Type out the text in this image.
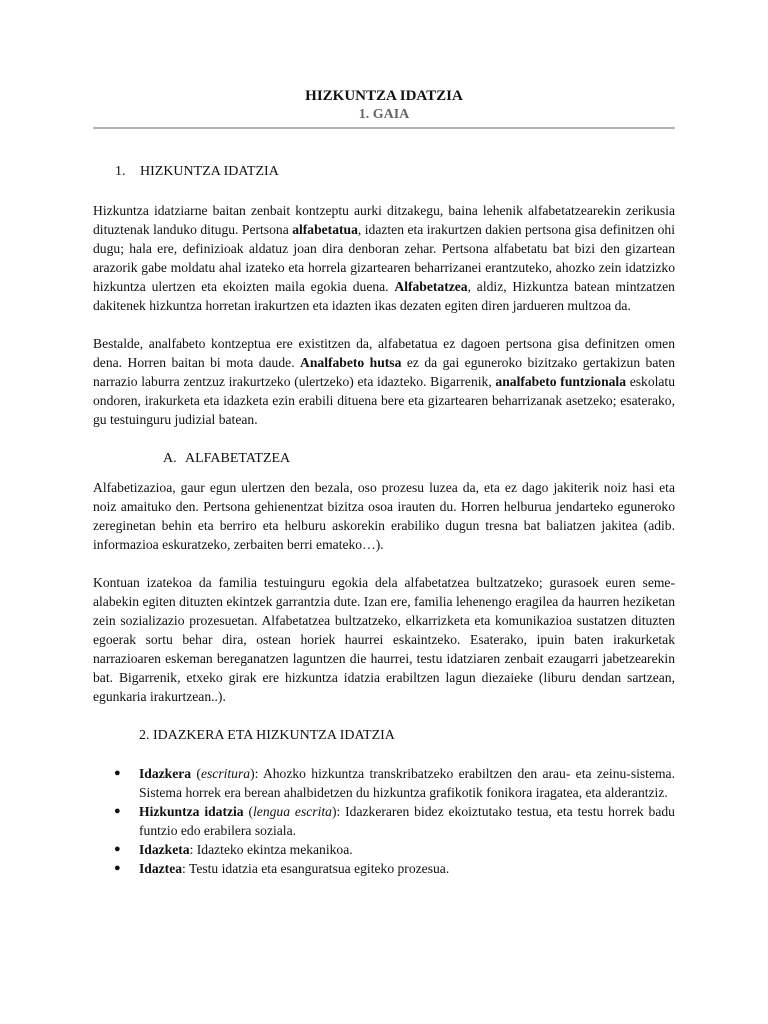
HIZKUNTZA IDATZIA
1. GAIA
1. HIZKUNTZA IDATZIA

Hizkuntza idatziarne baitan zenbait kontzeptu aurki ditzakegu, baina lehenik alfabetatzearekin zerikusia dituztenak landuko ditugu. Pertsona alfabetatua, idazten eta irakurtzen dakien pertsona gisa definitzen ohi dugu; hala ere, definizioak aldatuz joan dira denboran zehar. Pertsona alfabetatu bat bizi den gizartean arazorik gabe moldatu ahal izateko eta horrela gizartearen beharrizanei erantzuteko, ahozko zein idatzizko hizkuntza ulertzen eta ekoizten maila egokia duena. Alfabetatzea, aldiz, Hizkuntza batean mintzatzen dakitenek hizkuntza horretan irakurtzen eta idazten ikas dezaten egiten diren jardueren multzoa da.

Bestalde, analfabeto kontzeptua ere existitzen da, alfabetatua ez dagoen pertsona gisa definitzen omen dena. Horren baitan bi mota daude. Analfabeto hutsa ez da gai eguneroko bizitzako gertakizun baten narrazio laburra zentzuz irakurtzeko (ulertzeko) eta idazteko. Bigarrenik, analfabeto funtzionala eskolatu ondoren, irakurketa eta idazketa ezin erabili dituena bere eta gizartearen beharrizanak asetzeko; esaterako, gu testuinguru judizial batean.

A. ALFABETATZEA

Alfabetizazioa, gaur egun ulertzen den bezala, oso prozesu luzea da, eta ez dago jakiterik noiz hasi eta noiz amaituko den. Pertsona gehienentzat bizitza osoa irauten du. Horren helburua jendarteko eguneroko zereginetan behin eta berriro eta helburu askorekin erabiliko dugun tresna bat baliatzen jakitea (adib. informazioa eskuratzeko, zerbaiten berri emateko…).

Kontuan izatekoa da familia testuinguru egokia dela alfabetatzea bultzatzeko; gurasoek euren seme-alabekin egiten dituzten ekintzek garrantzia dute. Izan ere, familia lehenengo eragilea da haurren heziketan zein sozializazio prozesuetan. Alfabetatzea bultzatzeko, elkarrizketa eta komunikazioa sustatzen dituzten egoerak sortu behar dira, ostean horiek haurrei eskaintzeko. Esaterako, ipuin baten irakurketak narrazioaren eskeman bereganatzen laguntzen die haurrei, testu idatziaren zenbait ezaugarri jabetzearekin bat. Bigarrenik, etxeko girak ere hizkuntza idatzia erabiltzen lagun diezaieke (liburu dendan sartzean, egunkaria irakurtzean..).

2. IDAZKERA ETA HIZKUNTZA IDATZIA
● Idazkera (escritura): Ahozko hizkuntza transkribatzeko erabiltzen den arau- eta zeinu-sistema. Sistema horrek era berean ahalbidetzen du hizkuntza grafikotik fonikora iragatea, eta alderantziz.
● Hizkuntza idatzia (lengua escrita): Idazkeraren bidez ekoiztutako testua, eta testu horrek badu funtzio edo erabilera soziala.
● Idazketa: Idazteko ekintza mekanikoa.
● Idaztea: Testu idatzia eta esanguratsua egiteko prozesua.
